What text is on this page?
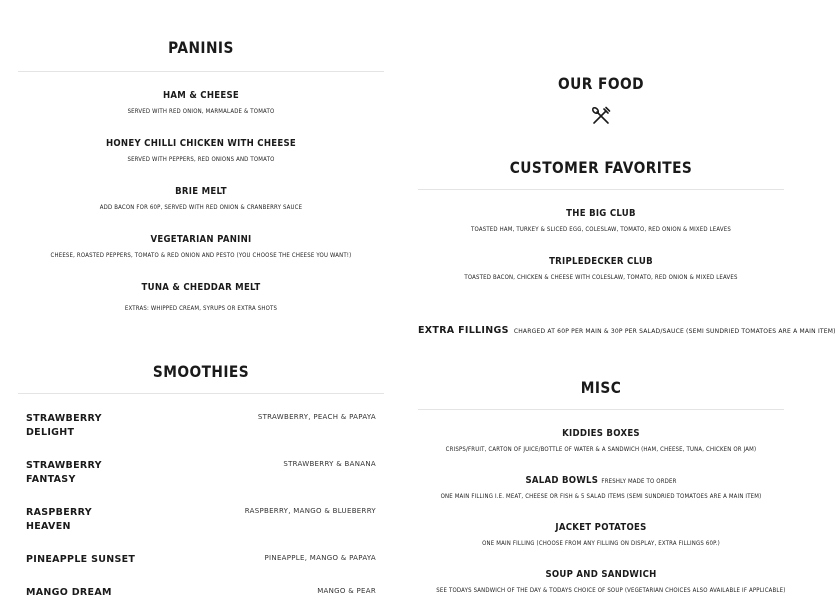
PANINIS
HAM & CHEESE
SERVED WITH RED ONION, MARMALADE & TOMATO
HONEY CHILLI CHICKEN WITH CHEESE
SERVED WITH PEPPERS, RED ONIONS AND TOMATO
BRIE MELT
ADD BACON FOR 60P, SERVED WITH RED ONION & CRANBERRY SAUCE
VEGETARIAN PANINI
CHEESE, ROASTED PEPPERS, TOMATO & RED ONION AND PESTO (YOU CHOOSE THE CHEESE YOU WANT!)
TUNA & CHEDDAR MELT
EXTRAS: WHIPPED CREAM, SYRUPS OR EXTRA SHOTS
SMOOTHIES
STRAWBERRY DELIGHT
STRAWBERRY, PEACH & PAPAYA
STRAWBERRY FANTASY
STRAWBERRY & BANANA
RASPBERRY HEAVEN
RASPBERRY, MANGO & BLUEBERRY
PINEAPPLE SUNSET	PINEAPPLE, MANGO & PAPAYA
MANGO DREAM	MANGO & PEAR
OUR FOOD
CUSTOMER FAVORITES
THE BIG CLUB
TOASTED HAM, TURKEY & SLICED EGG, COLESLAW, TOMATO, RED ONION & MIXED LEAVES
TRIPLEDECKER CLUB
TOASTED BACON, CHICKEN & CHEESE WITH COLESLAW, TOMATO, RED ONION & MIXED LEAVES
EXTRA FILLINGS CHARGED AT 60P PER MAIN & 30P PER SALAD/SAUCE (SEMI SUNDRIED TOMATOES ARE A MAIN ITEM)
MISC
KIDDIES BOXES
CRISPS/FRUIT, CARTON OF JUICE/BOTTLE OF WATER & A SANDWICH (HAM, CHEESE, TUNA, CHICKEN OR JAM)
SALAD BOWLS FRESHLY MADE TO ORDER
ONE MAIN FILLING I.E. MEAT, CHEESE OR FISH & 5 SALAD ITEMS (SEMI SUNDRIED TOMATOES ARE A MAIN ITEM)
JACKET POTATOES
ONE MAIN FILLING (CHOOSE FROM ANY FILLING ON DISPLAY, EXTRA FILLINGS 60P.)
SOUP AND SANDWICH
SEE TODAYS SANDWICH OF THE DAY & TODAYS CHOICE OF SOUP (VEGETARIAN CHOICES ALSO AVAILABLE IF APPLICABLE)
